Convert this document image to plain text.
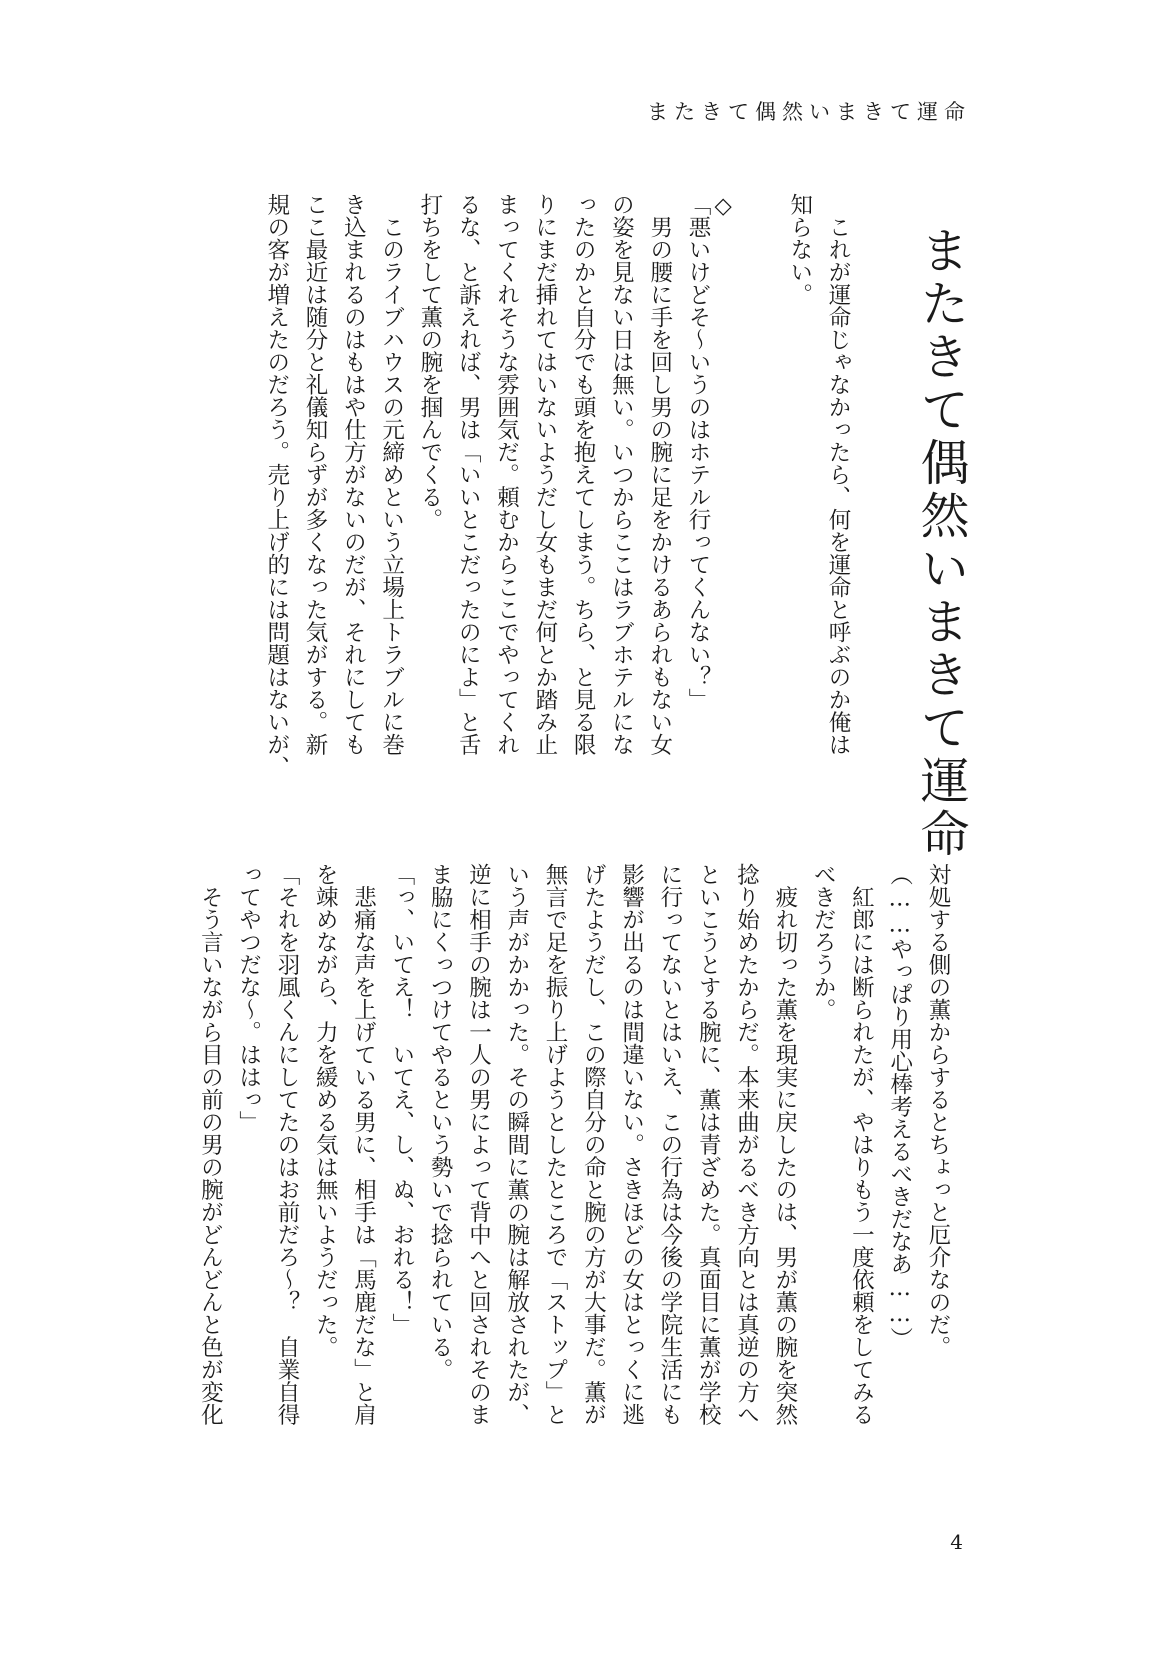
またきて偶然いまきて運命
またきて偶然いまきて運命
　これが運命じゃなかったら、何を運命と呼ぶのか俺は
知らない。

◇
「悪いけどそ～いうのはホテル行ってくんない？」
　男の腰に手を回し男の腕に足をかけるあられもない女
の姿を見ない日は無い。いつからここはラブホテルにな
ったのかと自分でも頭を抱えてしまう。ちら、と見る限
りにまだ挿れてはいないようだし女もまだ何とか踏み止
まってくれそうな雰囲気だ。頼むからここでやってくれ
るな、と訴えれば、男は「いいとこだったのによ」と舌
打ちをして薫の腕を掴んでくる。
　このライブハウスの元締めという立場上トラブルに巻
き込まれるのはもはや仕方がないのだが、それにしても
ここ最近は随分と礼儀知らずが多くなった気がする。新
規の客が増えたのだろう。売り上げ的には問題はないが、
対処する側の薫からするとちょっと厄介なのだ。
（……やっぱり用心棒考えるべきだなあ……）
　紅郎には断られたが、やはりもう一度依頼をしてみる
べきだろうか。
　疲れ切った薫を現実に戻したのは、男が薫の腕を突然
捻り始めたからだ。本来曲がるべき方向とは真逆の方へ
といこうとする腕に、薫は青ざめた。真面目に薫が学校
に行ってないとはいえ、この行為は今後の学院生活にも
影響が出るのは間違いない。さきほどの女はとっくに逃
げたようだし、この際自分の命と腕の方が大事だ。薫が
無言で足を振り上げようとしたところで「ストップ」と
いう声がかかった。その瞬間に薫の腕は解放されたが、
逆に相手の腕は一人の男によって背中へと回されそのま
ま脇にくっつけてやるという勢いで捻られている。
「っ、いてえ！　いてえ、し、ぬ、おれる！」
　悲痛な声を上げている男に、相手は「馬鹿だな」と肩
を竦めながら、力を緩める気は無いようだった。
「それを羽風くんにしてたのはお前だろ～？　自業自得
ってやつだな～。ははっ」
　そう言いながら目の前の男の腕がどんどんと色が変化
4
